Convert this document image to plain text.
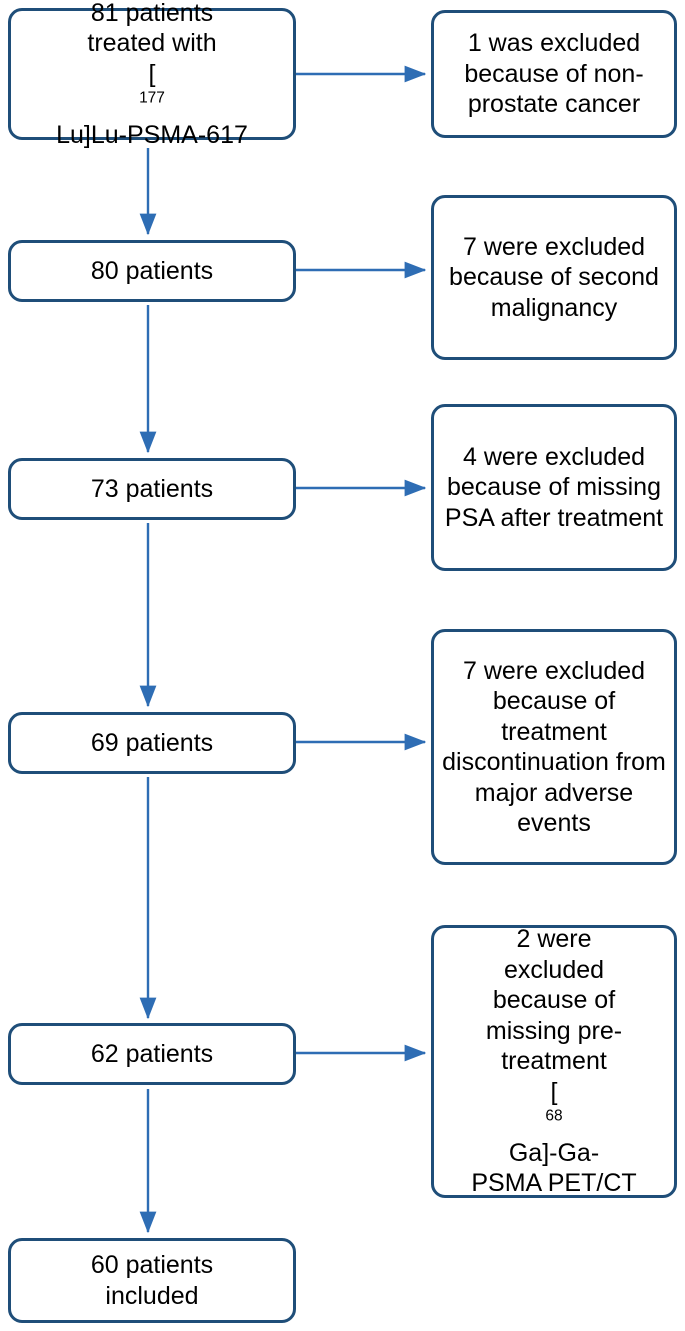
81 patients
treated with
[
$^{177}$
Lu]Lu-PSMA-617
80 patients
73 patients
69 patients
62 patients
60 patients
included
1 was excluded because of non-prostate cancer
7 were excluded because of second malignancy
4 were excluded because of missing PSA after treatment
7 were excluded because of treatment discontinuation from major adverse events
2 were
excluded
because of
missing pre-
treatment
[
$^{68}$
Ga]-Ga-
PSMA PET/CT
